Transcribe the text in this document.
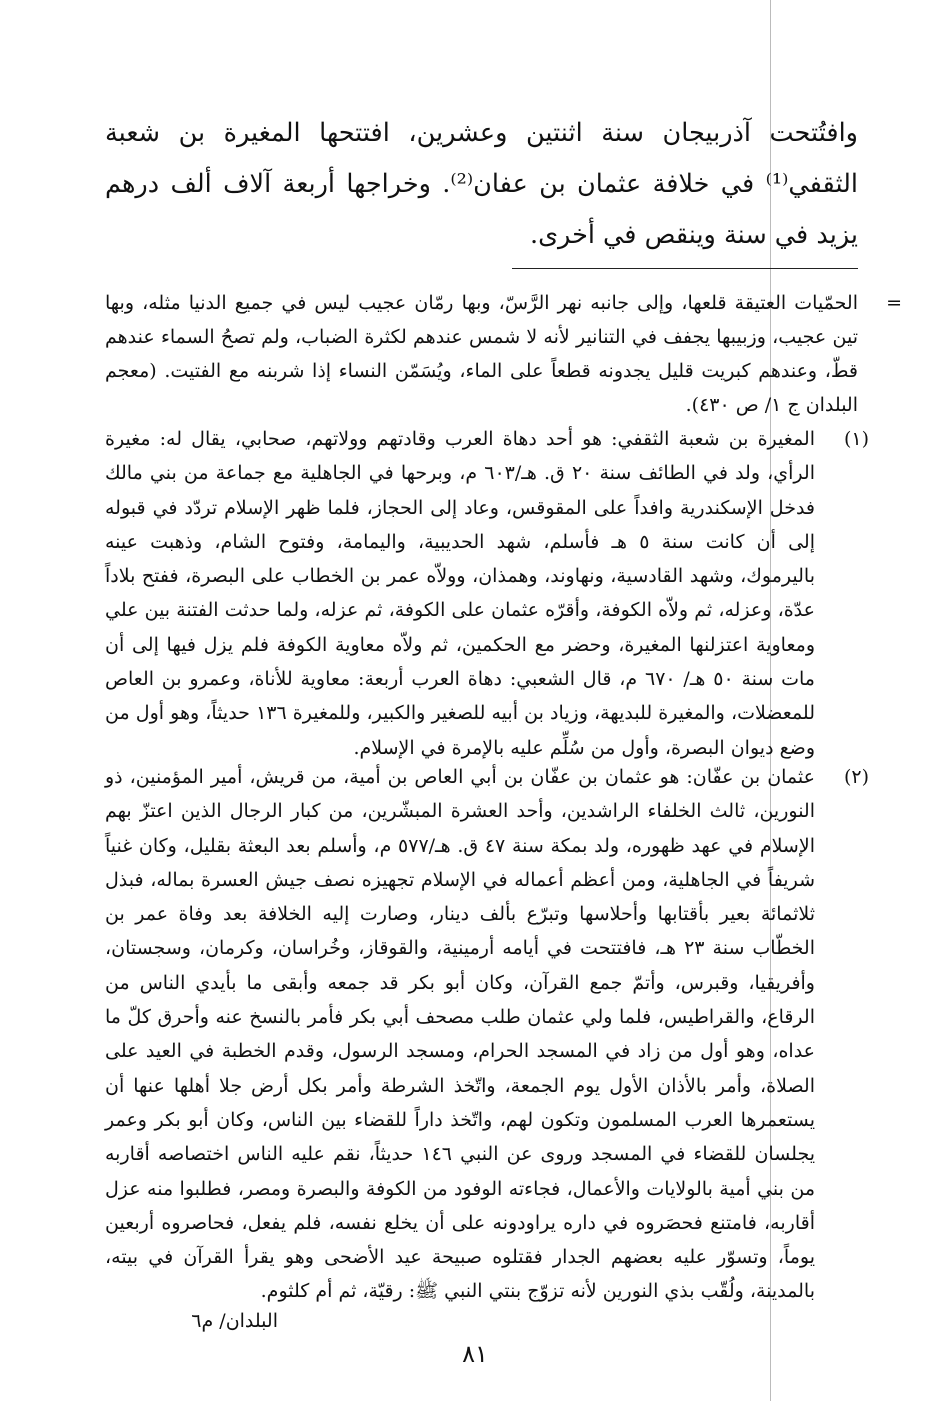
وافتُتحت آذربيجان سنة اثنتين وعشرين، افتتحها المغيرة بن شعبة الثقفي⁽¹⁾ في خلافة عثمان بن عفان⁽²⁾. وخراجها أربعة آلاف ألف درهم يزيد في سنة وينقص في أخرى.

=

الحمّيات العتيقة قلعها، وإلى جانبه نهر الرَّسّ، وبها رمّان عجيب ليس في جميع الدنيا مثله، وبها تين عجيب، وزبيبها يجفف في التنانير لأنه لا شمس عندهم لكثرة الضباب، ولم تصحُ السماء عندهم قطّ، وعندهم كبريت قليل يجدونه قطعاً على الماء، ويُسَمّن النساء إذا شربنه مع الفتيت. (معجم البلدان ج ١/ ص ٤٣٠).

(١)

المغيرة بن شعبة الثقفي: هو أحد دهاة العرب وقادتهم وولاتهم، صحابي، يقال له: مغيرة الرأي، ولد في الطائف سنة ٢٠ ق. هـ/٦٠٣ م، وبرحها في الجاهلية مع جماعة من بني مالك فدخل الإسكندرية وافداً على المقوقس، وعاد إلى الحجاز، فلما ظهر الإسلام تردّد في قبوله إلى أن كانت سنة ٥ هـ فأسلم، شهد الحديبية، واليمامة، وفتوح الشام، وذهبت عينه باليرموك، وشهد القادسية، ونهاوند، وهمذان، وولاّه عمر بن الخطاب على البصرة، ففتح بلاداً عدّة، وعزله، ثم ولاّه الكوفة، وأقرّه عثمان على الكوفة، ثم عزله، ولما حدثت الفتنة بين علي ومعاوية اعتزلنها المغيرة، وحضر مع الحكمين، ثم ولاّه معاوية الكوفة فلم يزل فيها إلى أن مات سنة ٥٠ هـ/ ٦٧٠ م، قال الشعبي: دهاة العرب أربعة: معاوية للأناة، وعمرو بن العاص للمعضلات، والمغيرة للبديهة، وزياد بن أبيه للصغير والكبير، وللمغيرة ١٣٦ حديثاً، وهو أول من وضع ديوان البصرة، وأول من سُلِّم عليه بالإمرة في الإسلام.

(٢)

عثمان بن عفّان: هو عثمان بن عفّان بن أبي العاص بن أمية، من قريش، أمير المؤمنين، ذو النورين، ثالث الخلفاء الراشدين، وأحد العشرة المبشّرين، من كبار الرجال الذين اعتزّ بهم الإسلام في عهد ظهوره، ولد بمكة سنة ٤٧ ق. هـ/٥٧٧ م، وأسلم بعد البعثة بقليل، وكان غنياً شريفاً في الجاهلية، ومن أعظم أعماله في الإسلام تجهيزه نصف جيش العسرة بماله، فبذل ثلاثمائة بعير بأقتابها وأحلاسها وتبرّع بألف دينار، وصارت إليه الخلافة بعد وفاة عمر بن الخطّاب سنة ٢٣ هـ، فافتتحت في أيامه أرمينية، والقوقاز، وخُراسان، وكرمان، وسجستان، وأفريقيا، وقبرس، وأتمّ جمع القرآن، وكان أبو بكر قد جمعه وأبقى ما بأيدي الناس من الرقاع، والقراطيس، فلما ولي عثمان طلب مصحف أبي بكر فأمر بالنسخ عنه وأحرق كلّ ما عداه، وهو أول من زاد في المسجد الحرام، ومسجد الرسول، وقدم الخطبة في العيد على الصلاة، وأمر بالأذان الأول يوم الجمعة، واتّخذ الشرطة وأمر بكل أرض جلا أهلها عنها أن يستعمرها العرب المسلمون وتكون لهم، واتّخذ داراً للقضاء بين الناس، وكان أبو بكر وعمر يجلسان للقضاء في المسجد وروى عن النبي ١٤٦ حديثاً، نقم عليه الناس اختصاصه أقاربه من بني أمية بالولايات والأعمال، فجاءته الوفود من الكوفة والبصرة ومصر، فطلبوا منه عزل أقاربه، فامتنع فحصَروه في داره يراودونه على أن يخلع نفسه، فلم يفعل، فحاصروه أربعين يوماً، وتسوّر عليه بعضهم الجدار فقتلوه صبيحة عيد الأضحى وهو يقرأ القرآن في بيته، بالمدينة، ولُقّب بذي النورين لأنه تزوّج بنتي النبي ﷺ: رقيّة، ثم أم كلثوم.

البلدان/ م٦
٨١
